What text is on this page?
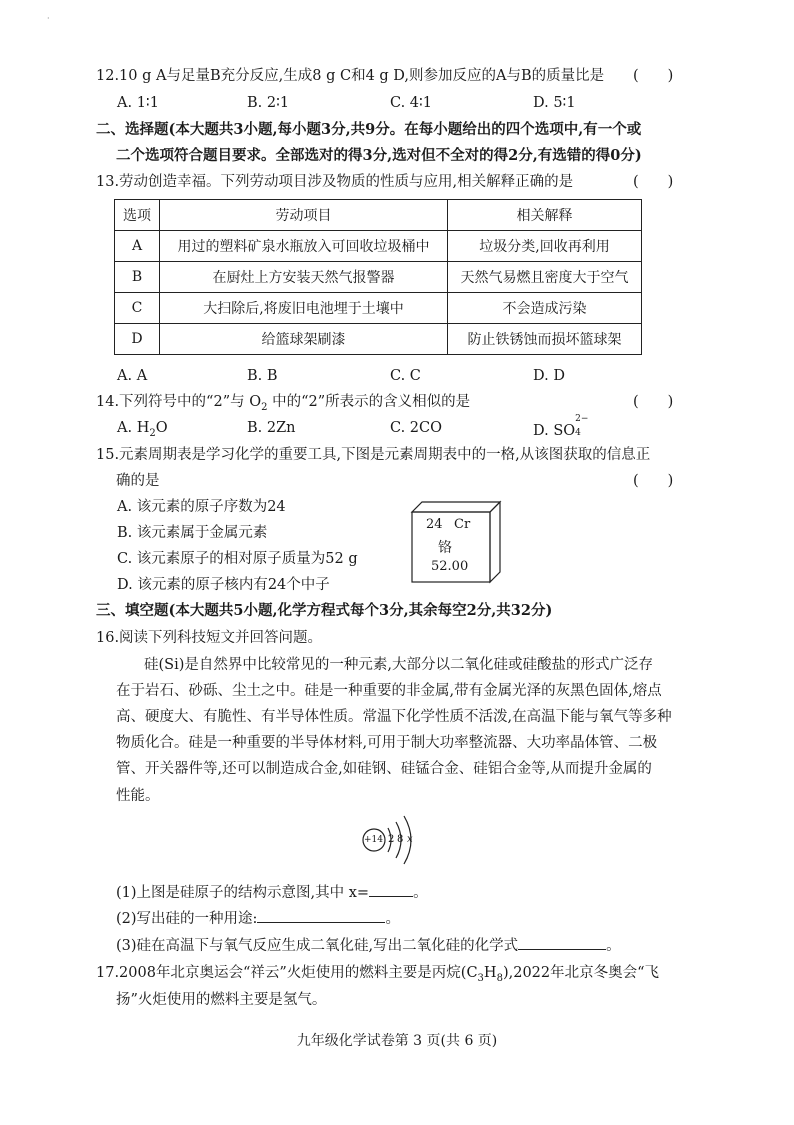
·
12.10 g A与足量B充分反应,生成8 g C和4 g D,则参加反应的A与B的质量比是 (　　)
A. 1∶1	B. 2∶1	C. 4∶1	D. 5∶1
二、选择题(本大题共3小题,每小题3分,共9分。在每小题给出的四个选项中,有一个或
二个选项符合题目要求。全部选对的得3分,选对但不全对的得2分,有选错的得0分)
13.劳动创造幸福。下列劳动项目涉及物质的性质与应用,相关解释正确的是	(　　)
选项	劳动项目	相关解释
A	用过的塑料矿泉水瓶放入可回收垃圾桶中	垃圾分类,回收再利用
B	在厨灶上方安装天然气报警器	天然气易燃且密度大于空气
C	大扫除后,将废旧电池埋于土壤中	不会造成污染
D	给篮球架刷漆	防止铁锈蚀而损坏篮球架
A. A	B. B	C. C	D. D
14.下列符号中的“2”与 $O_2$ 中的“2”所表示的含义相似的是	(　　)
A. $H_2O$	B. 2Zn	C. 2CO	D. SO
2−
4
15.元素周期表是学习化学的重要工具,下图是元素周期表中的一格,从该图获取的信息正
确的是	(　　)
A. 该元素的原子序数为24
B. 该元素属于金属元素
C. 该元素原子的相对原子质量为52 g
D. 该元素的原子核内有24个中子
24 Cr
铬
52.00
三、填空题(本大题共5小题,化学方程式每个3分,其余每空2分,共32分)
16.阅读下列科技短文并回答问题。
硅(Si)是自然界中比较常见的一种元素,大部分以二氧化硅或硅酸盐的形式广泛存
在于岩石、砂砾、尘土之中。硅是一种重要的非金属,带有金属光泽的灰黑色固体,熔点
高、硬度大、有脆性、有半导体性质。常温下化学性质不活泼,在高温下能与氧气等多种
物质化合。硅是一种重要的半导体材料,可用于制大功率整流器、大功率晶体管、二极
管、开关器件等,还可以制造成合金,如硅钢、硅锰合金、硅铝合金等,从而提升金属的
性能。
+14 2 8 x
(1)上图是硅原子的结构示意图,其中 x=	。
(2)写出硅的一种用途:	。
(3)硅在高温下与氧气反应生成二氧化硅,写出二氧化硅的化学式	。
17.2008年北京奥运会“祥云”火炬使用的燃料主要是丙烷$(C_3H_8),2022$年北京冬奥会“飞
扬”火炬使用的燃料主要是氢气。
九年级化学试卷第 3 页(共 6 页)
